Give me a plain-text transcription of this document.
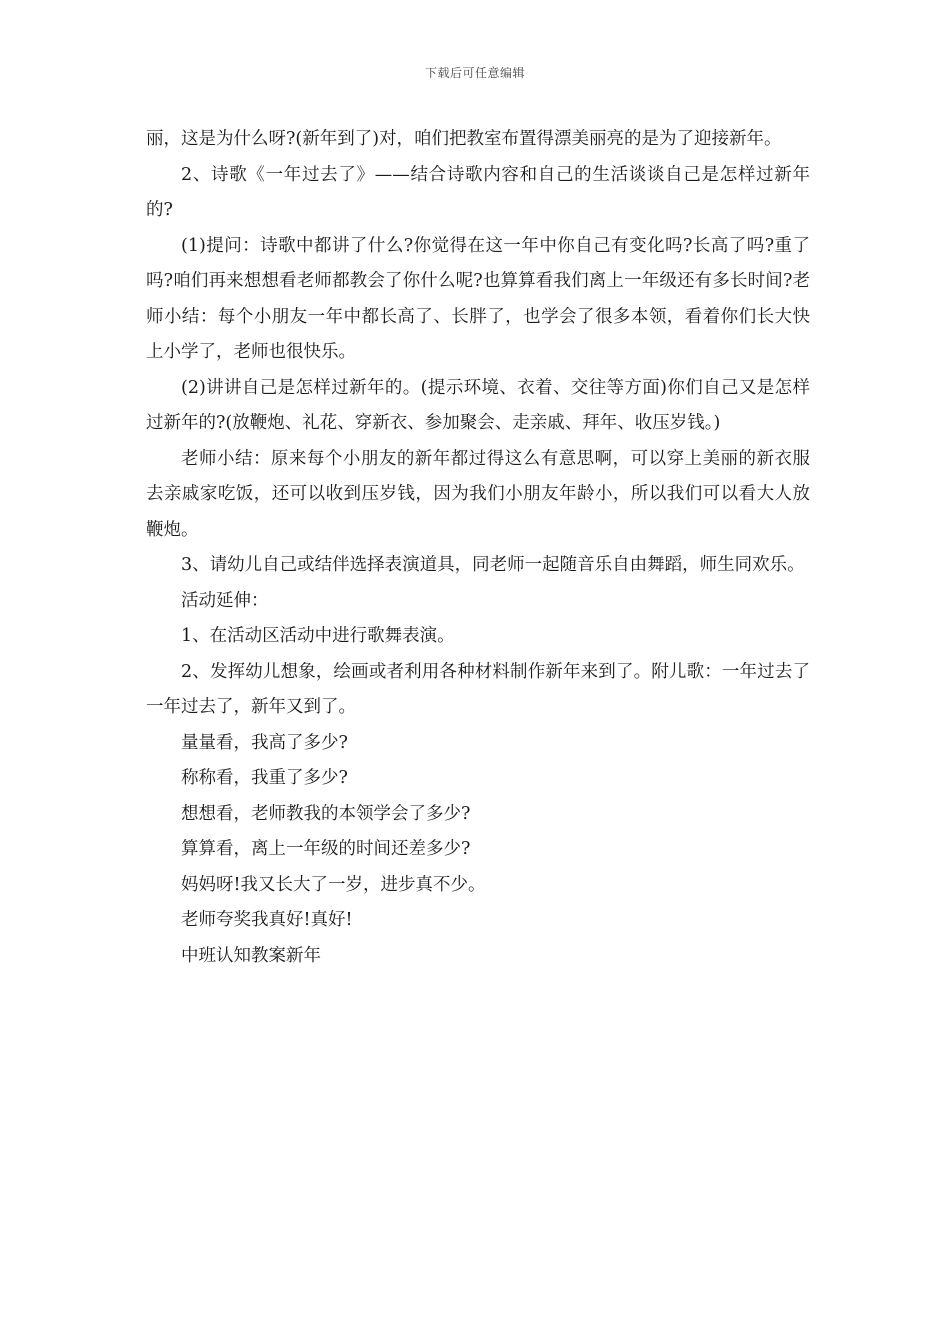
下载后可任意编辑

丽，这是为什么呀?(新年到了)对，咱们把教室布置得漂美丽亮的是为了迎接新年。

2、诗歌《一年过去了》——结合诗歌内容和自己的生活谈谈自己是怎样过新年的?

(1)提问：诗歌中都讲了什么?你觉得在这一年中你自己有变化吗?长高了吗?重了吗?咱们再来想想看老师都教会了你什么呢?也算算看我们离上一年级还有多长时间?老师小结：每个小朋友一年中都长高了、长胖了，也学会了很多本领，看着你们长大快上小学了，老师也很快乐。

(2)讲讲自己是怎样过新年的。(提示环境、衣着、交往等方面)你们自己又是怎样过新年的?(放鞭炮、礼花、穿新衣、参加聚会、走亲戚、拜年、收压岁钱。)

老师小结：原来每个小朋友的新年都过得这么有意思啊，可以穿上美丽的新衣服去亲戚家吃饭，还可以收到压岁钱，因为我们小朋友年龄小，所以我们可以看大人放鞭炮。

3、请幼儿自己或结伴选择表演道具，同老师一起随音乐自由舞蹈，师生同欢乐。

活动延伸：

1、在活动区活动中进行歌舞表演。

2、发挥幼儿想象，绘画或者利用各种材料制作新年来到了。附儿歌：一年过去了一年过去了，新年又到了。

量量看，我高了多少?

称称看，我重了多少?

想想看，老师教我的本领学会了多少?

算算看，离上一年级的时间还差多少?

妈妈呀!我又长大了一岁，进步真不少。

老师夸奖我真好!真好!

中班认知教案新年
